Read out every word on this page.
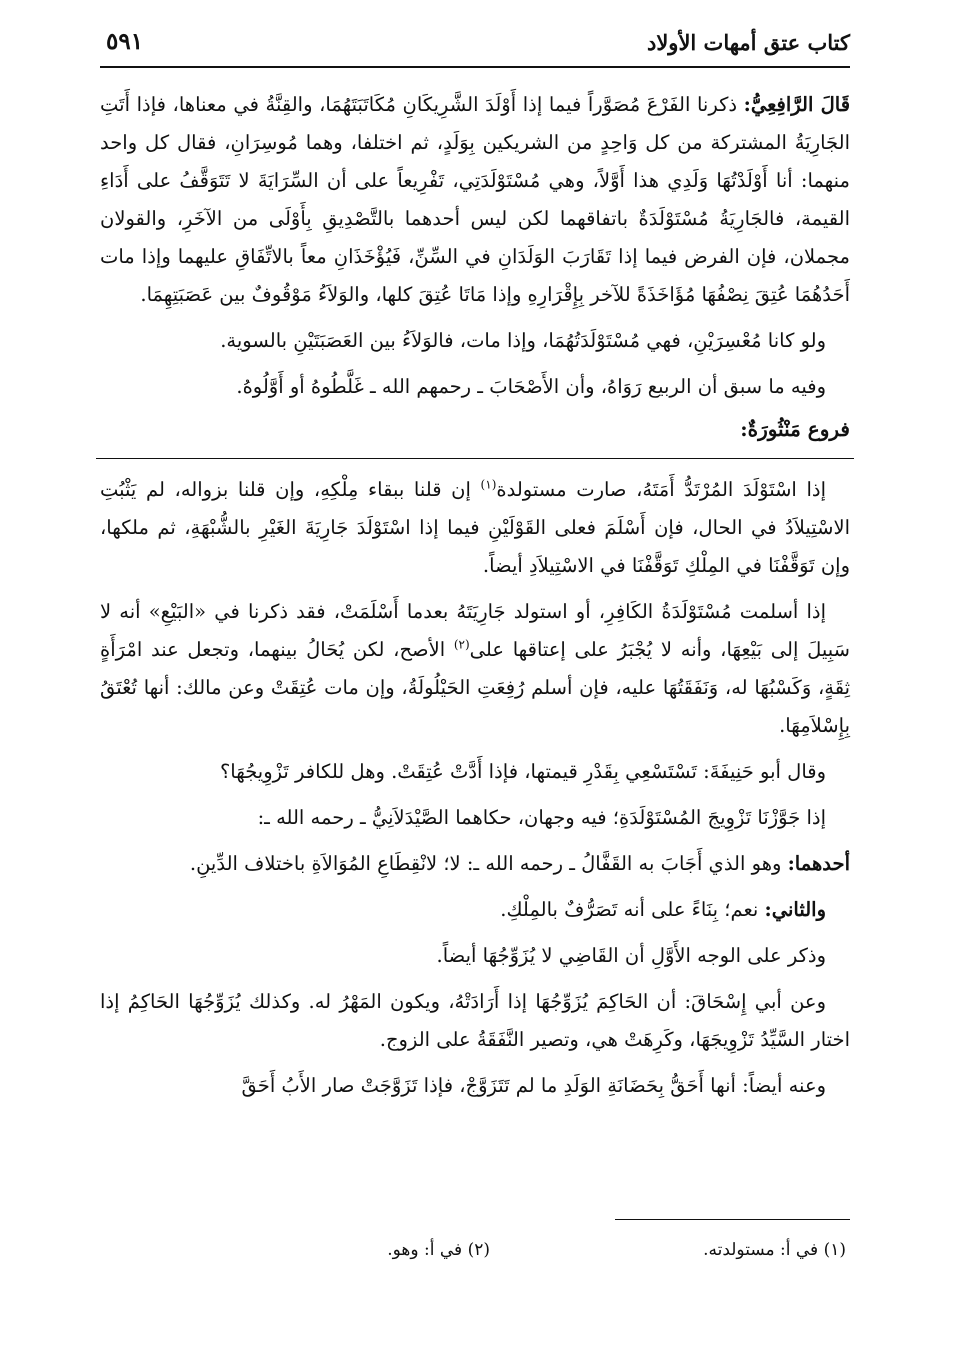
كتاب عتق أمهات الأولاد
٥٩١

قَالَ الرَّافِعِيُّ: ذكرنا الفَرْعَ مُصَوَّراً فيما إذا أَوْلَدَ الشَّرِيكَانِ مُكَاتَبَتَهُمَا، والقِنَّةُ في معناها، فإذا أَتَتِ الجَارِيَةُ المشتركة من كل وَاحِدٍ من الشريكين بِوَلَدٍ، ثم اختلفا، وهما مُوسِرَانِ، فقال كل واحد منهما: أنا أَوْلَدْتُهَا وَلَدِي هذا أَوَّلاً، وهي مُسْتَوْلَدَتِي، تَفْرِيعاً على أن السِّرَايَةَ لا تَتَوَقَّفُ على أَدَاءِ القيمة، فالجَارِيَةُ مُسْتَوْلَدَةٌ باتفاقهما لكن ليس أحدهما بالتَّصْدِيقِ بِأَوْلَى من الآخَرِ، والقولان مجملان، فإن الفرض فيما إذا تَقَارَبَ الوَلَدَانِ في السِّنِّ، فَيُؤْخَذَانِ معاً بالاتِّفَاقِ عليهما وإذا مات أَحَدُهُمَا عُتِقَ نِصْفُهَا مُؤَاخَذَةً للآخر بِإِقْرَارِهِ وإذا مَاتَا عُتِقَ كلها، والوَلاَءُ مَوْقُوفٌ بين عَصَبَتِهِمَا.

ولو كانا مُعْسِرَيْنِ، فهي مُسْتَوْلَدَتُهُمَا، وإذا مات، فالوَلاَءُ بين العَصَبَتَيْنِ بالسوية.

وفيه ما سبق أن الربيع رَوَاهُ، وأن الأَصْحَابَ ـ رحمهم الله ـ غَلَّطُوهُ أو أَوَّلُوهُ.

فروع مَنْثُورَةٌ:

إذا اسْتَوْلَدَ المُرْتَدُّ أَمَتَهُ، صارت مستولدة$^{(١)}$ إن قلنا ببقاء مِلْكِهِ، وإن قلنا بزواله، لم يَثْبُتِ الاسْتِيلاَدُ في الحال، فإن أَسْلَمَ فعلى القَوْلَيْنِ فيما إذا اسْتَوْلَدَ جَارِيَةَ الغَيْرِ بالشُّبْهَةِ، ثم ملكها، وإن تَوَقَّفْنَا في المِلْكِ تَوَقَّفْنَا في الاسْتِيلاَدِ أيضاً.

إذا أسلمت مُسْتَوْلَدَةُ الكَافِرِ، أو استولد جَارِيَتَهُ بعدما أَسْلَمَتْ، فقد ذكرنا في «البَيْعِ» أنه لا سَبِيلَ إلى بَيْعِهَا، وأنه لا يُجْبَرُ على إعتاقها على$^{(٢)}$ الأصح، لكن يُحَالُ بينهما، وتجعل عند امْرَأَةٍ ثِقَةٍ، وَكَسْبُهَا له، وَنَفَقَتُهَا عليه، فإن أسلم رُفِعَتِ الحَيْلُولَةُ، وإن مات عُتِقَتْ وعن مالك: أنها تُعْتَقُ بِإِسْلاَمِهَا.

وقال أبو حَنِيفَةَ: تَسْتَسْعِي بِقَدْرِ قيمتها، فإذا أَدَّتْ عُتِقَتْ. وهل للكافر تَزْوِيجُهَا؟

إذا جَوَّزْنَا تَزْوِيجَ المُسْتَوْلَدَةِ؛ فيه وجهان، حكاهما الصَّيْدَلاَنِيُّ ـ رحمه الله ـ:

أحدهما: وهو الذي أَجَابَ به القَفَّالُ ـ رحمه الله ـ: لا؛ لانْقِطَاعِ المُوَالاَةِ باختلاف الدِّينِ.

والثاني: نعم؛ بِنَاءً على أنه تَصَرُّفٌ بالمِلْكِ.

وذكر على الوجه الأَوَّلِ أن القَاضِي لا يُزَوِّجُهَا أيضاً.

وعن أبي إِسْحَاقَ: أن الحَاكِمَ يُزَوِّجُهَا إذا أَرَادَتْهُ، ويكون المَهْرُ له. وكذلك يُزَوِّجُهَا الحَاكِمُ إذا اختار السَّيِّدُ تَزْوِيجَهَا، وكَرِهَتْ هي، وتصير النَّفَقَةُ على الزوج.

وعنه أيضاً: أنها أَحَقُّ بِحَضَانَةِ الوَلَدِ ما لم تَتَزَوَّجْ، فإذا تَزَوَّجَتْ صار الأَبُ أَحَقَّ

(١) في أ: مستولدته.
(٢) في أ: وهو.
